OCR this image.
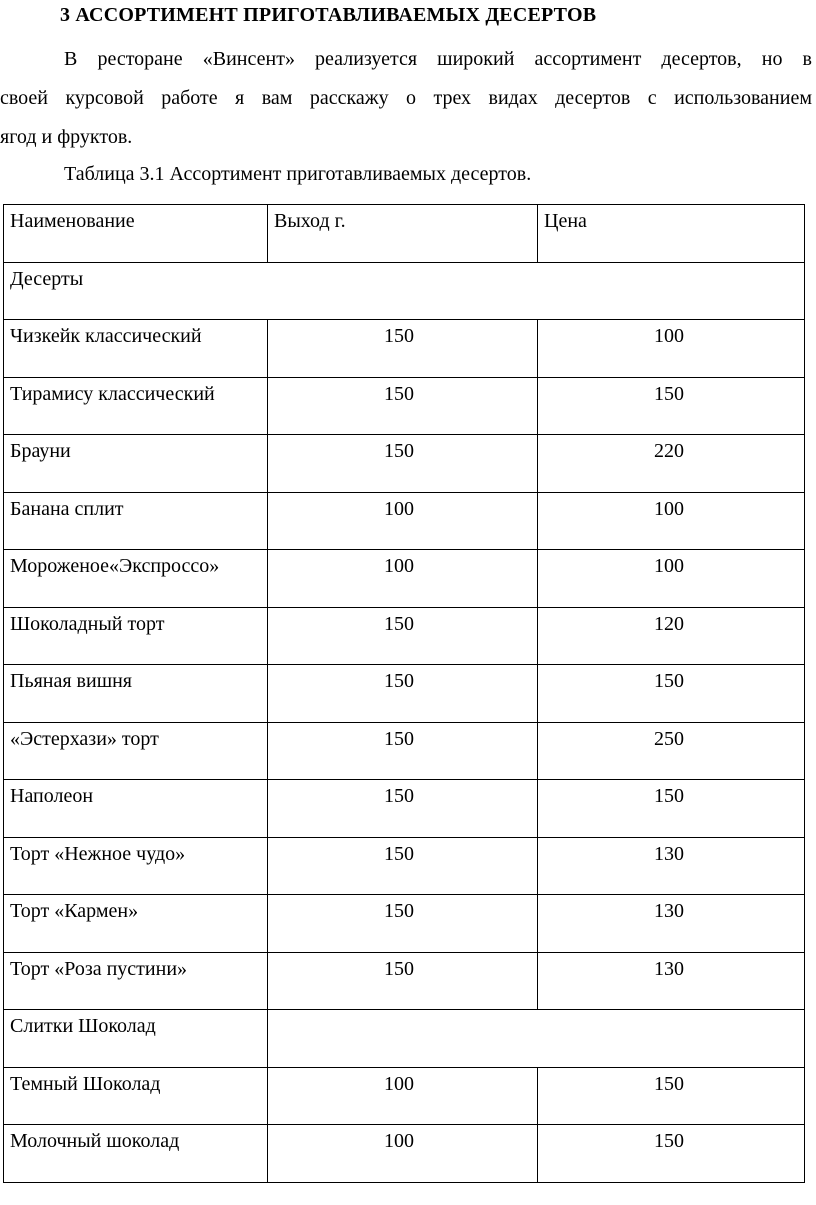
3 АССОРТИМЕНТ ПРИГОТАВЛИВАЕМЫХ ДЕСЕРТОВ
В ресторане «Винсент» реализуется широкий ассортимент десертов, но в
своей курсовой работе я вам расскажу о трех видах десертов с использованием
ягод и фруктов.
Таблица 3.1 Ассортимент приготавливаемых десертов.
Наименование	Выход г.	Цена

Десерты		

Чизкейк классический	150	100

Тирамису классический	150	150

Брауни	150	220

Банана сплит	100	100

Мороженое«Экспроссо»	100	100

Шоколадный торт	150	120

Пьяная вишня	150	150

«Эстерхази» торт	150	250

Наполеон	150	150

Торт «Нежное чудо»	150	130

Торт «Кармен»	150	130

Торт «Роза пустини»	150	130

Слитки Шоколад		

Темный Шоколад	100	150

Молочный шоколад	100	150
